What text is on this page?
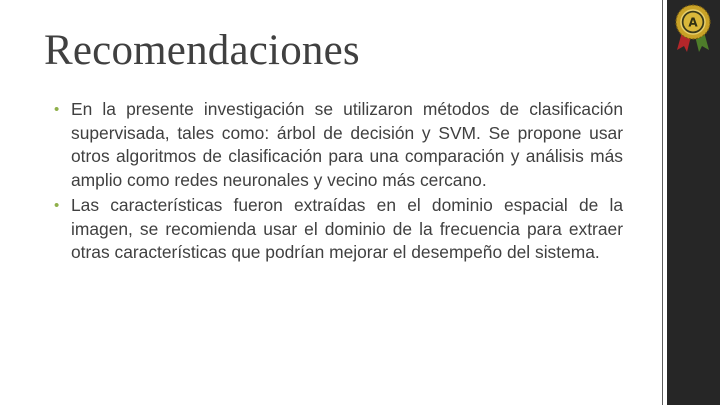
Recomendaciones
• En la presente investigación se utilizaron métodos de clasificación supervisada, tales como: árbol de decisión y SVM. Se propone usar otros algoritmos de clasificación para una comparación y análisis más amplio como redes neuronales y vecino más cercano.
• Las características fueron extraídas en el dominio espacial de la imagen, se recomienda usar el dominio de la frecuencia para extraer otras características que podrían mejorar el desempeño del sistema.
A
